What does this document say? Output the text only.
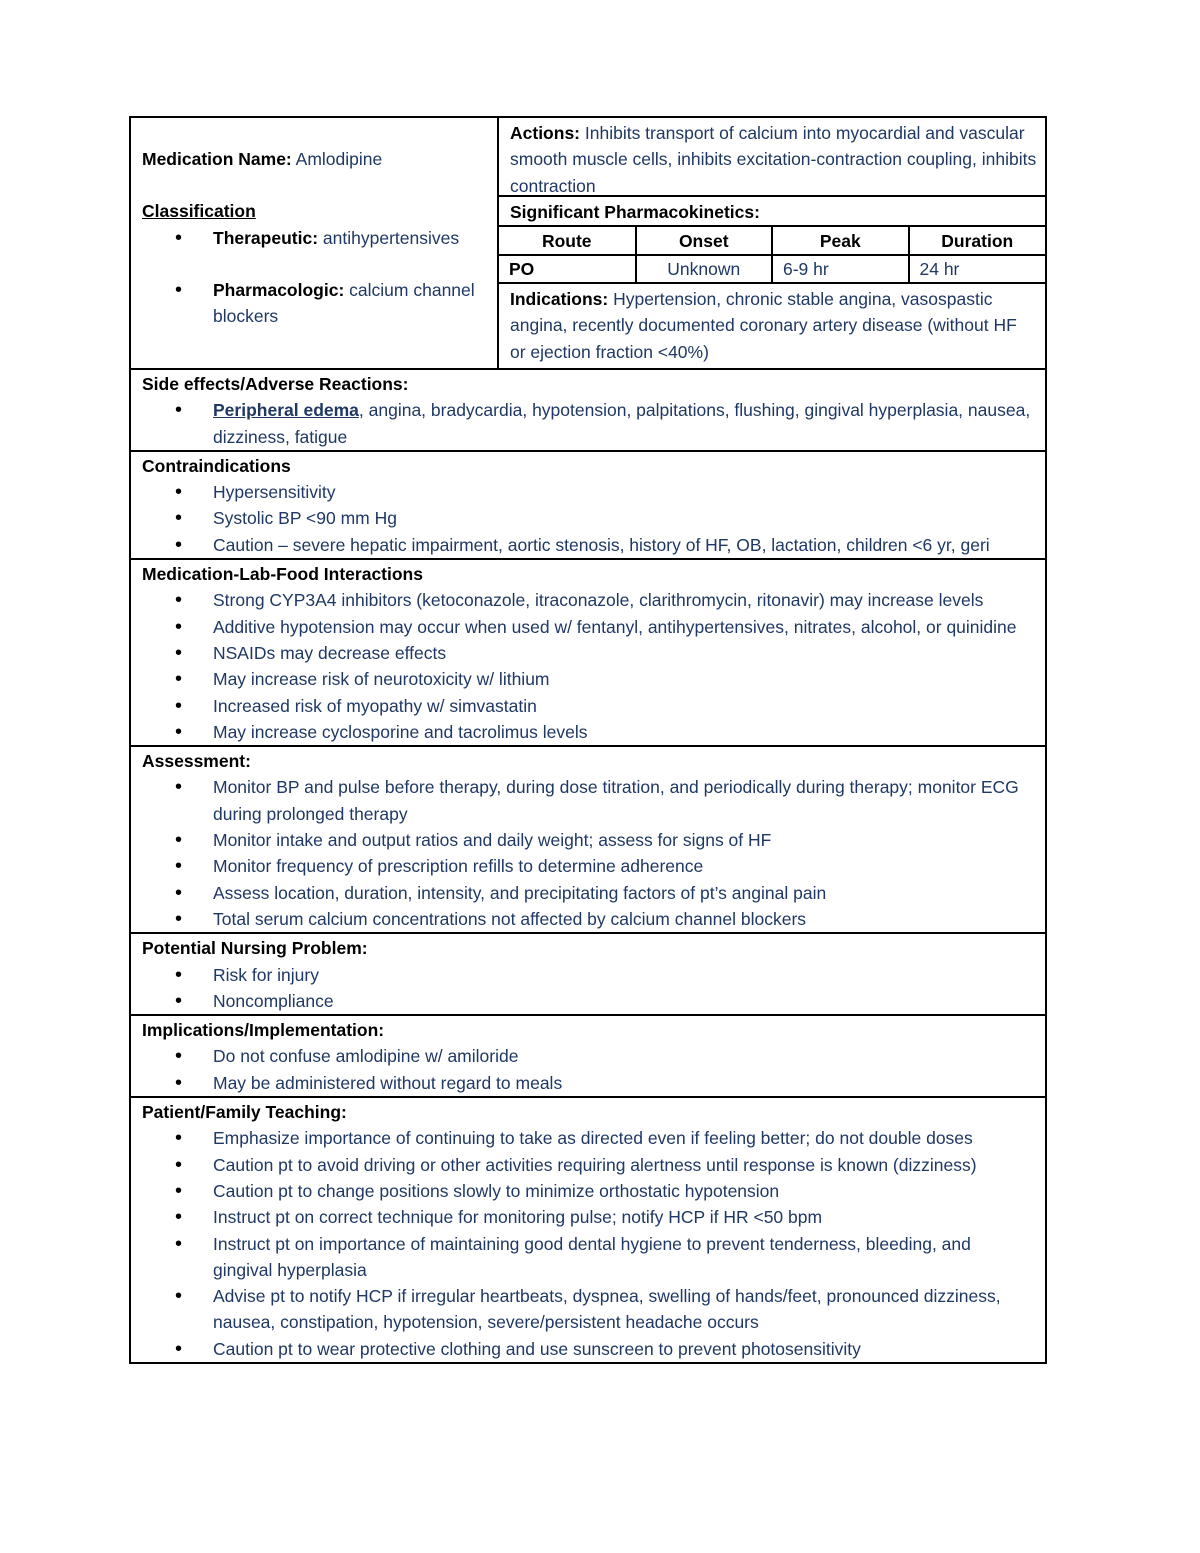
Medication Name: Amlodipine
Classification
• Therapeutic: antihypertensives
• Pharmacologic: calcium channel blockers
Actions: Inhibits transport of calcium into myocardial and vascular smooth muscle cells, inhibits excitation-contraction coupling, inhibits contraction
Significant Pharmacokinetics:
Route	Onset	Peak	Duration
PO	Unknown	6-9 hr	24 hr
Indications: Hypertension, chronic stable angina, vasospastic angina, recently documented coronary artery disease (without HF or ejection fraction <40%)
Side effects/Adverse Reactions:
• Peripheral edema, angina, bradycardia, hypotension, palpitations, flushing, gingival hyperplasia, nausea, dizziness, fatigue
Contraindications
• Hypersensitivity
• Systolic BP <90 mm Hg
• Caution – severe hepatic impairment, aortic stenosis, history of HF, OB, lactation, children <6 yr, geri
Medication-Lab-Food Interactions
• Strong CYP3A4 inhibitors (ketoconazole, itraconazole, clarithromycin, ritonavir) may increase levels
• Additive hypotension may occur when used w/ fentanyl, antihypertensives, nitrates, alcohol, or quinidine
• NSAIDs may decrease effects
• May increase risk of neurotoxicity w/ lithium
• Increased risk of myopathy w/ simvastatin
• May increase cyclosporine and tacrolimus levels
Assessment:
• Monitor BP and pulse before therapy, during dose titration, and periodically during therapy; monitor ECG during prolonged therapy
• Monitor intake and output ratios and daily weight; assess for signs of HF
• Monitor frequency of prescription refills to determine adherence
• Assess location, duration, intensity, and precipitating factors of pt’s anginal pain
• Total serum calcium concentrations not affected by calcium channel blockers
Potential Nursing Problem:
• Risk for injury
• Noncompliance
Implications/Implementation:
• Do not confuse amlodipine w/ amiloride
• May be administered without regard to meals
Patient/Family Teaching:
• Emphasize importance of continuing to take as directed even if feeling better; do not double doses
• Caution pt to avoid driving or other activities requiring alertness until response is known (dizziness)
• Caution pt to change positions slowly to minimize orthostatic hypotension
• Instruct pt on correct technique for monitoring pulse; notify HCP if HR <50 bpm
• Instruct pt on importance of maintaining good dental hygiene to prevent tenderness, bleeding, and gingival hyperplasia
• Advise pt to notify HCP if irregular heartbeats, dyspnea, swelling of hands/feet, pronounced dizziness, nausea, constipation, hypotension, severe/persistent headache occurs
• Caution pt to wear protective clothing and use sunscreen to prevent photosensitivity
